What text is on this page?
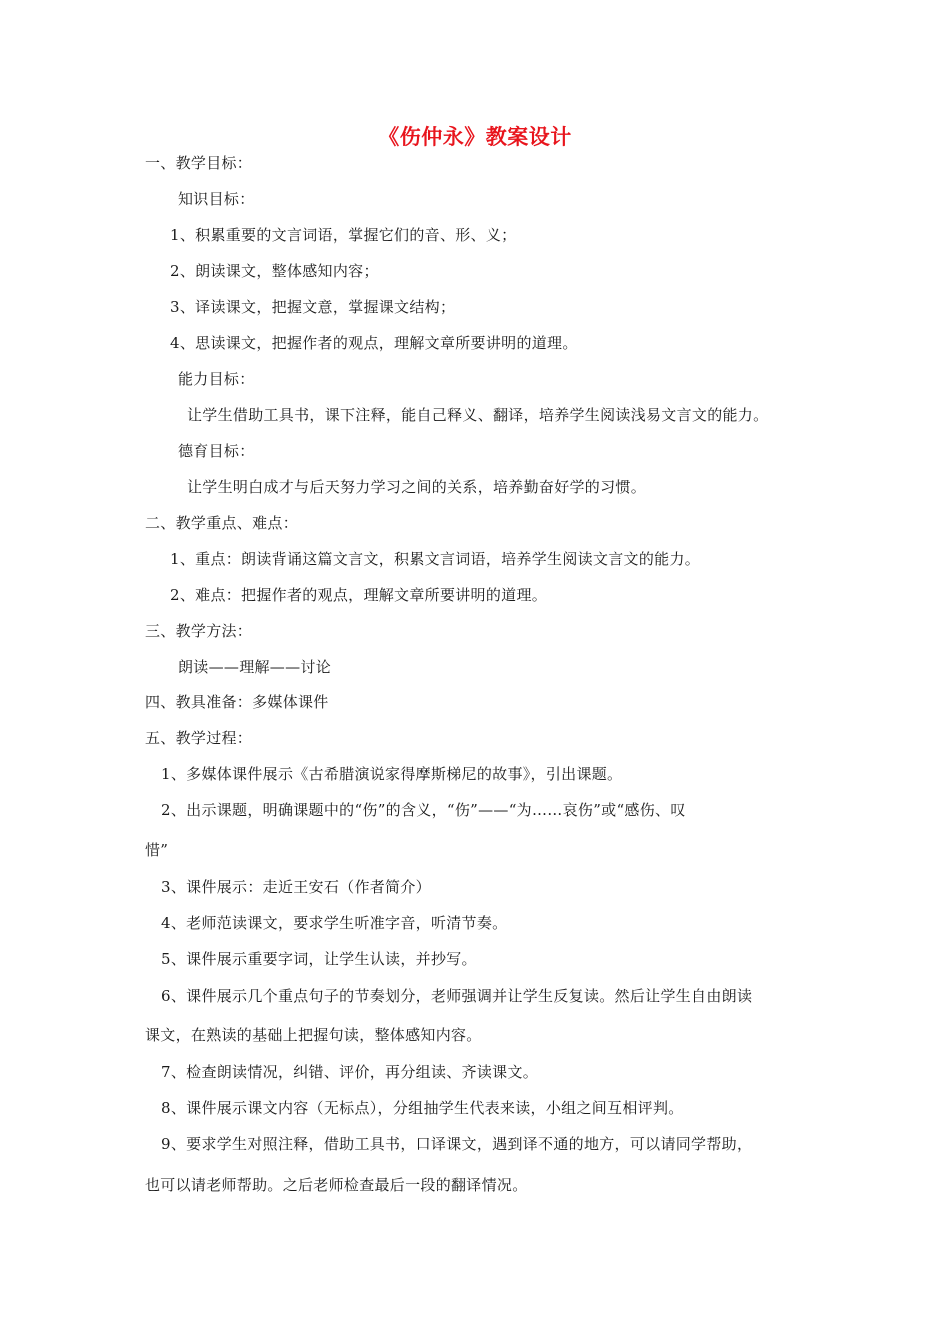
《伤仲永》教案设计
一、教学目标：
知识目标：
1、积累重要的文言词语，掌握它们的音、形、义；
2、朗读课文，整体感知内容；
3、译读课文，把握文意，掌握课文结构；
4、思读课文，把握作者的观点，理解文章所要讲明的道理。
能力目标：
让学生借助工具书，课下注释，能自己释义、翻译，培养学生阅读浅易文言文的能力。
德育目标：
让学生明白成才与后天努力学习之间的关系，培养勤奋好学的习惯。
二、教学重点、难点：
1、重点：朗读背诵这篇文言文，积累文言词语，培养学生阅读文言文的能力。
2、难点：把握作者的观点，理解文章所要讲明的道理。
三、教学方法：
朗读——理解——讨论
四、教具准备：多媒体课件
五、教学过程：
1、多媒体课件展示《古希腊演说家得摩斯梯尼的故事》，引出课题。
2、出示课题，明确课题中的“伤”的含义，“伤”——“为……哀伤”或“感伤、叹
惜”
3、课件展示：走近王安石（作者简介）
4、老师范读课文，要求学生听准字音，听清节奏。
5、课件展示重要字词，让学生认读，并抄写。
6、课件展示几个重点句子的节奏划分，老师强调并让学生反复读。然后让学生自由朗读
课文，在熟读的基础上把握句读，整体感知内容。
7、检查朗读情况，纠错、评价，再分组读、齐读课文。
8、课件展示课文内容（无标点），分组抽学生代表来读，小组之间互相评判。
9、要求学生对照注释，借助工具书，口译课文，遇到译不通的地方，可以请同学帮助，
也可以请老师帮助。之后老师检查最后一段的翻译情况。
